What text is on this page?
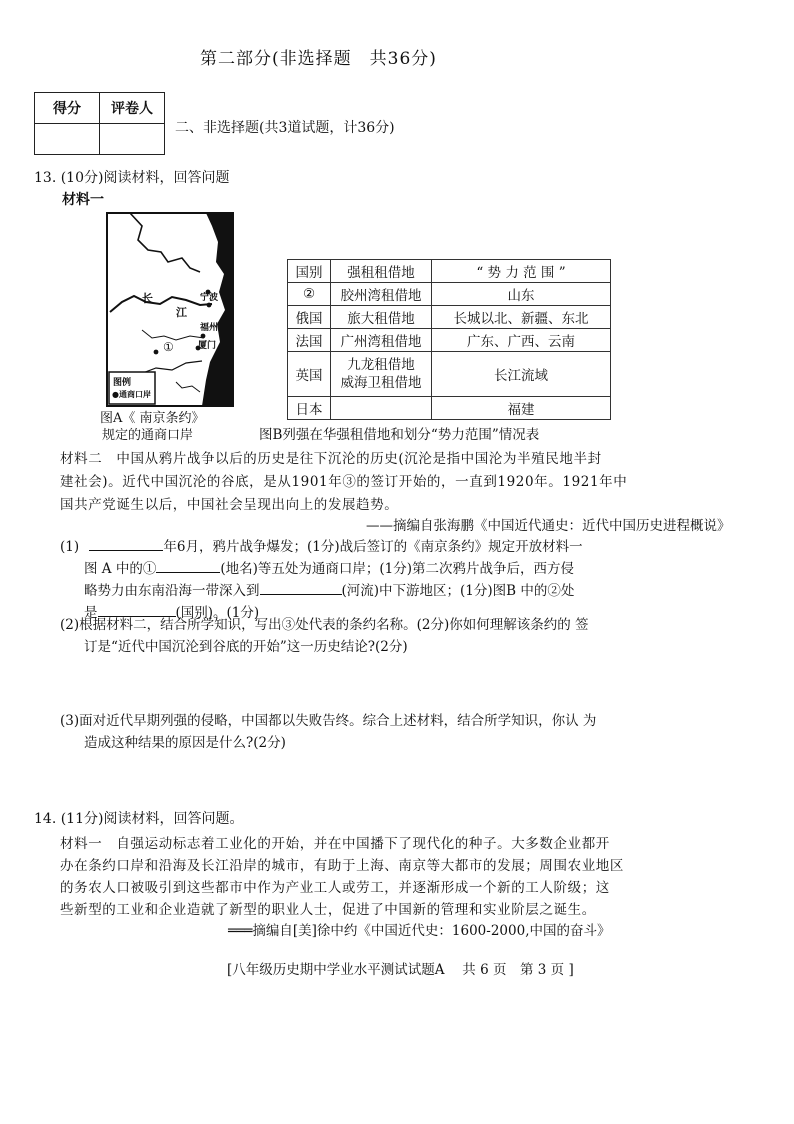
第二部分(非选择题　共36分)
得分	评卷人

二、非选择题(共3道试题，计36分)
13. (10分)阅读材料，回答问题
材料一
长
江
上海
宁波
福州
厦门
①
图例
●通商口岸
图A《 南京条约》
规定的通商口岸
国别	强租租借地	“ 势 力 范 围 ”
②	胶州湾租借地	山东
俄国	旅大租借地	长城以北、新疆、东北
法国	广州湾租借地	广东、广西、云南
英国	九龙租借地
威海卫租借地	长江流域
日本		福建
图B列强在华强租借地和划分“势力范围”情况表
材料二　中国从鸦片战争以后的历史是往下沉沦的历史(沉沦是指中国沦为半殖民地半封
建社会)。近代中国沉沦的谷底，是从1901年③的签订开始的，一直到1920年。1921年中
国共产党诞生以后，中国社会呈现出向上的发展趋势。
——摘编自张海鹏《中国近代通史：近代中国历史进程概说》
(1)	年6月，鸦片战争爆发；(1分)战后签订的《南京条约》规定开放材料一
图 A 中的①	(地名)等五处为通商口岸；(1分)第二次鸦片战争后，西方侵
略势力由东南沿海一带深入到	(河流)中下游地区；(1分)图B 中的②处
是	(国别)。(1分)
(2)根据材料二，结合所学知识，写出③处代表的条约名称。(2分)你如何理解该条约的 签
订是“近代中国沉沦到谷底的开始”这一历史结论?(2分)
(3)面对近代早期列强的侵略，中国都以失败告终。综合上述材料，结合所学知识，你认 为
造成这种结果的原因是什么?(2分)
14. (11分)阅读材料，回答问题。
材料一　自强运动标志着工业化的开始，并在中国播下了现代化的种子。大多数企业都开
办在条约口岸和沿海及长江沿岸的城市，有助于上海、南京等大都市的发展；周围农业地区
的务农人口被吸引到这些都市中作为产业工人或劳工，并逐渐形成一个新的工人阶级；这
些新型的工业和企业造就了新型的职业人士，促进了中国新的管理和实业阶层之诞生。
═══摘编自[美]徐中约《中国近代史：1600-2000,中国的奋斗》
[八年级历史期中学业水平测试试题A　 共 6 页　第 3 页 ]
